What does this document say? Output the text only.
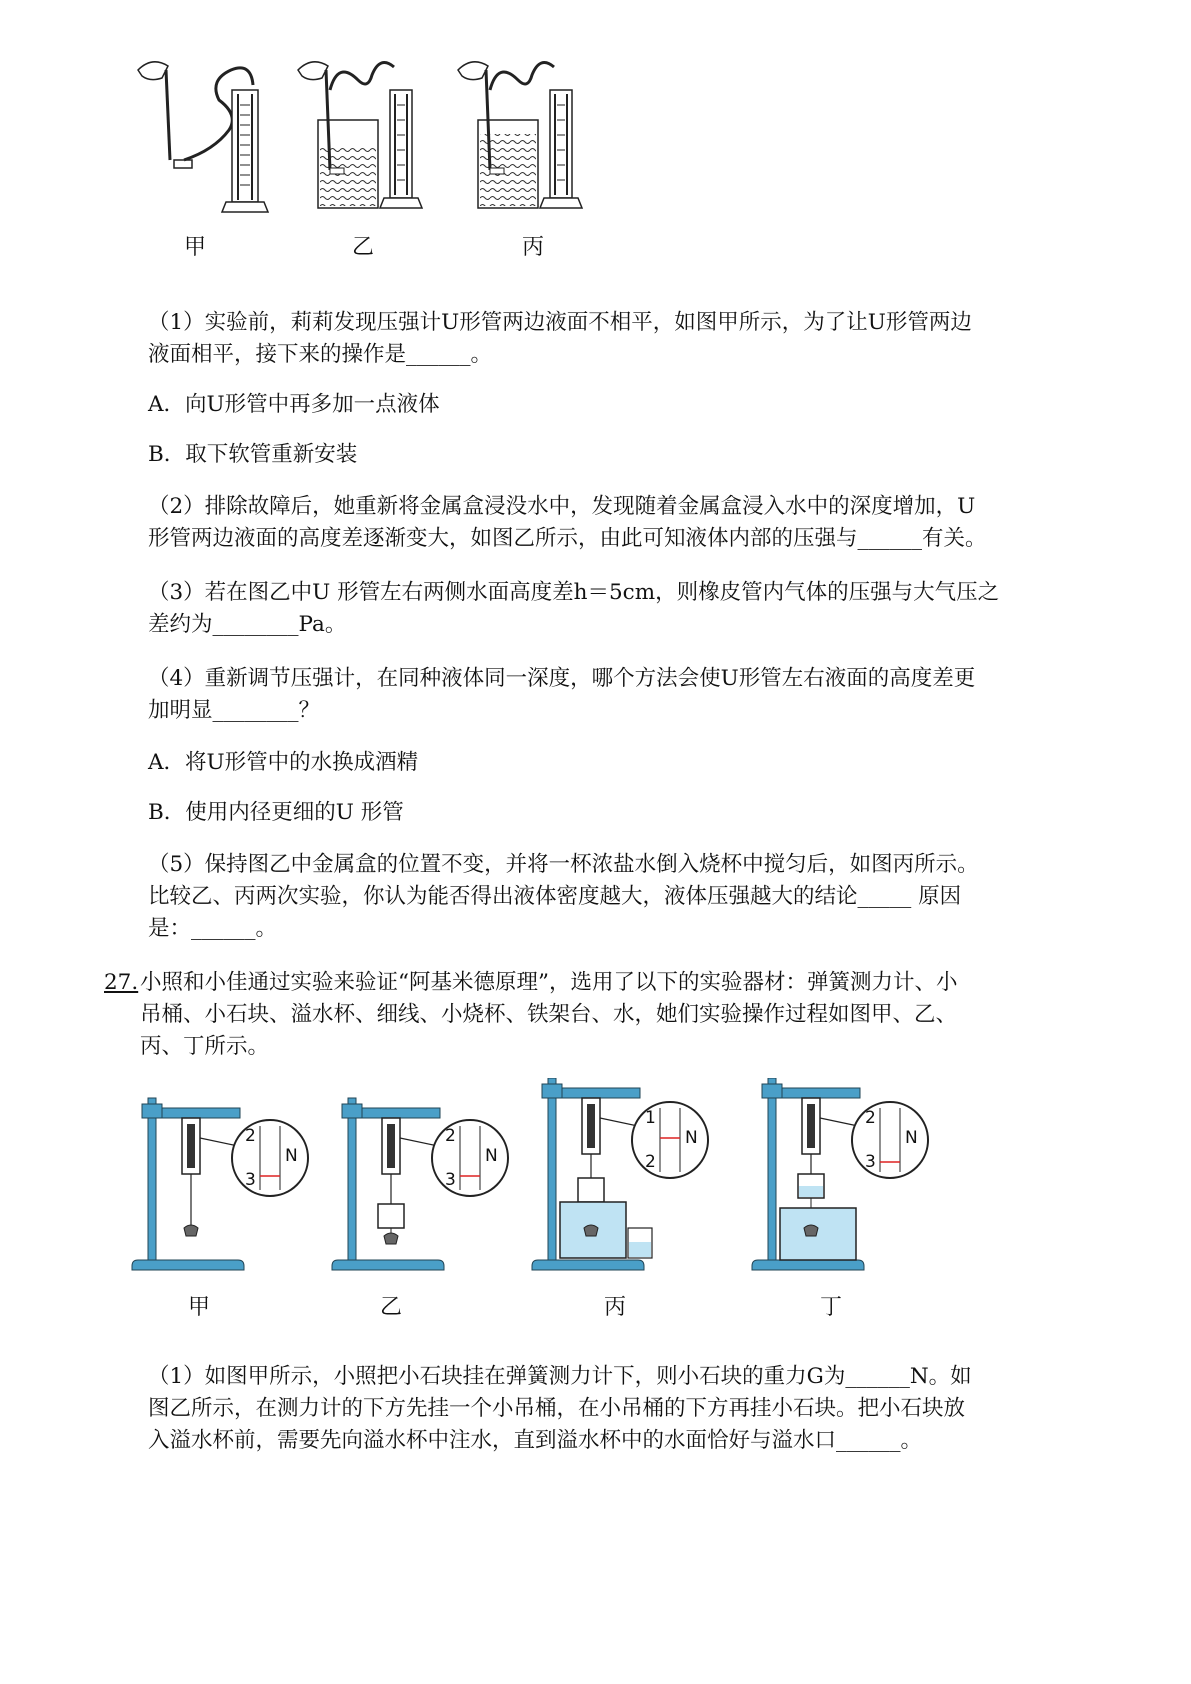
甲	乙	丙
（1）实验前，莉莉发现压强计U形管两边液面不相平，如图甲所示，为了让U形管两边
液面相平，接下来的操作是______。
A．向U形管中再多加一点液体
B．取下软管重新安装
（2）排除故障后，她重新将金属盒浸没水中，发现随着金属盒浸入水中的深度增加，U
形管两边液面的高度差逐渐变大，如图乙所示，由此可知液体内部的压强与______有关。
（3）若在图乙中U 形管左右两侧水面高度差h＝5cm，则橡皮管内气体的压强与大气压之
差约为________Pa。
（4）重新调节压强计，在同种液体同一深度，哪个方法会使U形管左右液面的高度差更
加明显________？
A．将U形管中的水换成酒精
B．使用内径更细的U 形管
（5）保持图乙中金属盒的位置不变，并将一杯浓盐水倒入烧杯中搅匀后，如图丙所示。
比较乙、丙两次实验，你认为能否得出液体密度越大，液体压强越大的结论_____ 原因
是：______。
27. 小照和小佳通过实验来验证“阿基米德原理”，选用了以下的实验器材：弹簧测力计、小
吊桶、小石块、溢水杯、细线、小烧杯、铁架台、水，她们实验操作过程如图甲、乙、
丙、丁所示。
2
N
3
2
N
3
1
N
2
2
N
3
甲	乙	丙	丁
（1）如图甲所示，小照把小石块挂在弹簧测力计下，则小石块的重力G为______N。如
图乙所示，在测力计的下方先挂一个小吊桶，在小吊桶的下方再挂小石块。把小石块放
入溢水杯前，需要先向溢水杯中注水，直到溢水杯中的水面恰好与溢水口______。
